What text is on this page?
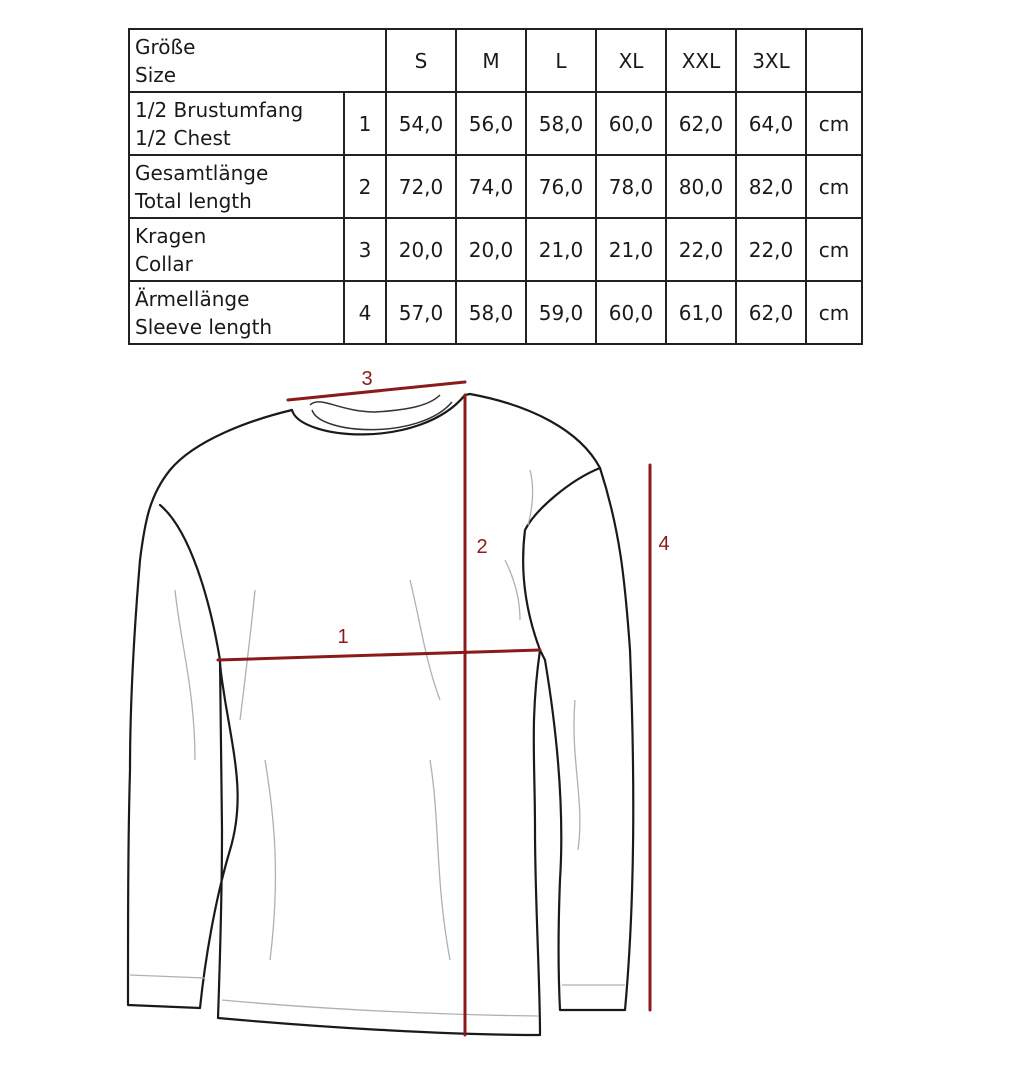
Größe
Size		S	M	L	XL	XXL	3XL	

1/2 Brustumfang
1/2 Chest	1	54,0	56,0	58,0	60,0	62,0	64,0	cm

Gesamtlänge
Total length	2	72,0	74,0	76,0	78,0	80,0	82,0	cm

Kragen
Collar	3	20,0	20,0	21,0	21,0	22,0	22,0	cm

Ärmellänge
Sleeve length	4	57,0	58,0	59,0	60,0	61,0	62,0	cm
3
2
1
4
